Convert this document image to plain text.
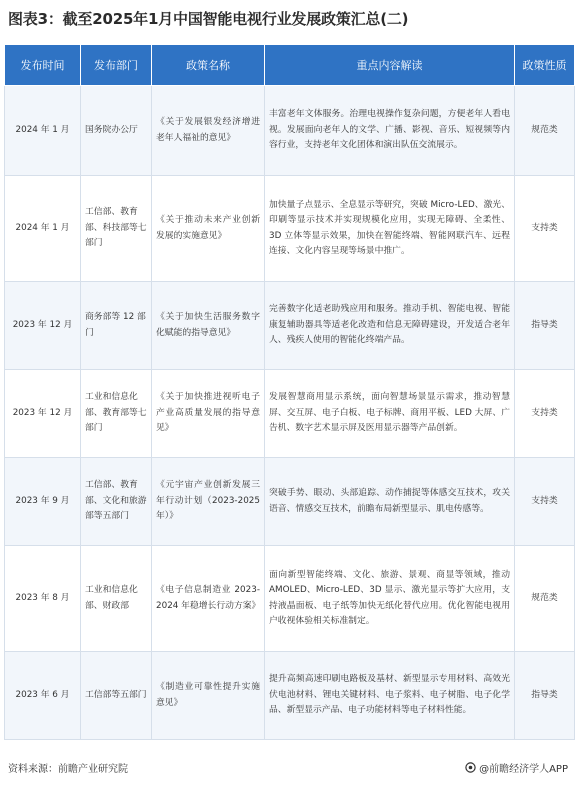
图表3：截至2025年1月中国智能电视行业发展政策汇总(二)
发布时间	发布部门	政策名称	重点内容解读	政策性质
2024 年 1 月	国务院办公厅	《关于发展银发经济增进老年人福祉的意见》	丰富老年文体服务。治理电视操作复杂问题，方便老年人看电视。发展面向老年人的文学、广播、影视、音乐、短视频等内容行业，支持老年文化团体和演出队伍交流展示。	规范类
2024 年 1 月	工信部、教育部、科技部等七部门	《关于推动未来产业创新发展的实施意见》	加快量子点显示、全息显示等研究，突破 Micro-LED、激光、印刷等显示技术并实现规模化应用，实现无障碍、全柔性、3D 立体等显示效果，加快在智能终端、智能网联汽车、远程连接、文化内容呈现等场景中推广。	支持类
2023 年 12 月	商务部等 12 部门	《关于加快生活服务数字化赋能的指导意见》	完善数字化适老助残应用和服务。推动手机、智能电视、智能康复辅助器具等适老化改造和信息无障碍建设，开发适合老年人、残疾人使用的智能化终端产品。	指导类
2023 年 12 月	工业和信息化部、教育部等七部门	《关于加快推进视听电子产业高质量发展的指导意见》	发展智慧商用显示系统，面向智慧场景显示需求，推动智慧屏、交互屏、电子白板、电子标牌、商用平板、LED 大屏、广告机、数字艺术显示屏及医用显示器等产品创新。	支持类
2023 年 9 月	工信部、教育部、文化和旅游部等五部门	《元宇宙产业创新发展三年行动计划（2023-2025 年）》	突破手势、眼动、头部追踪、动作捕捉等体感交互技术，攻关语音、情感交互技术，前瞻布局新型显示、肌电传感等。	支持类
2023 年 8 月	工业和信息化部、财政部	《电子信息制造业 2023-2024 年稳增长行动方案》	面向新型智能终端、文化、旅游、景观、商显等领域，推动 AMOLED、Micro-LED、3D 显示、激光显示等扩大应用，支持液晶面板、电子纸等加快无纸化替代应用。优化智能电视用户收视体验相关标准制定。	规范类
2023 年 6 月	工信部等五部门	《制造业可靠性提升实施意见》	提升高频高速印刷电路板及基材、新型显示专用材料、高效光伏电池材料、锂电关键材料、电子浆料、电子树脂、电子化学品、新型显示产品、电子功能材料等电子材料性能。	指导类
资料来源：前瞻产业研究院	@前瞻经济学人APP
